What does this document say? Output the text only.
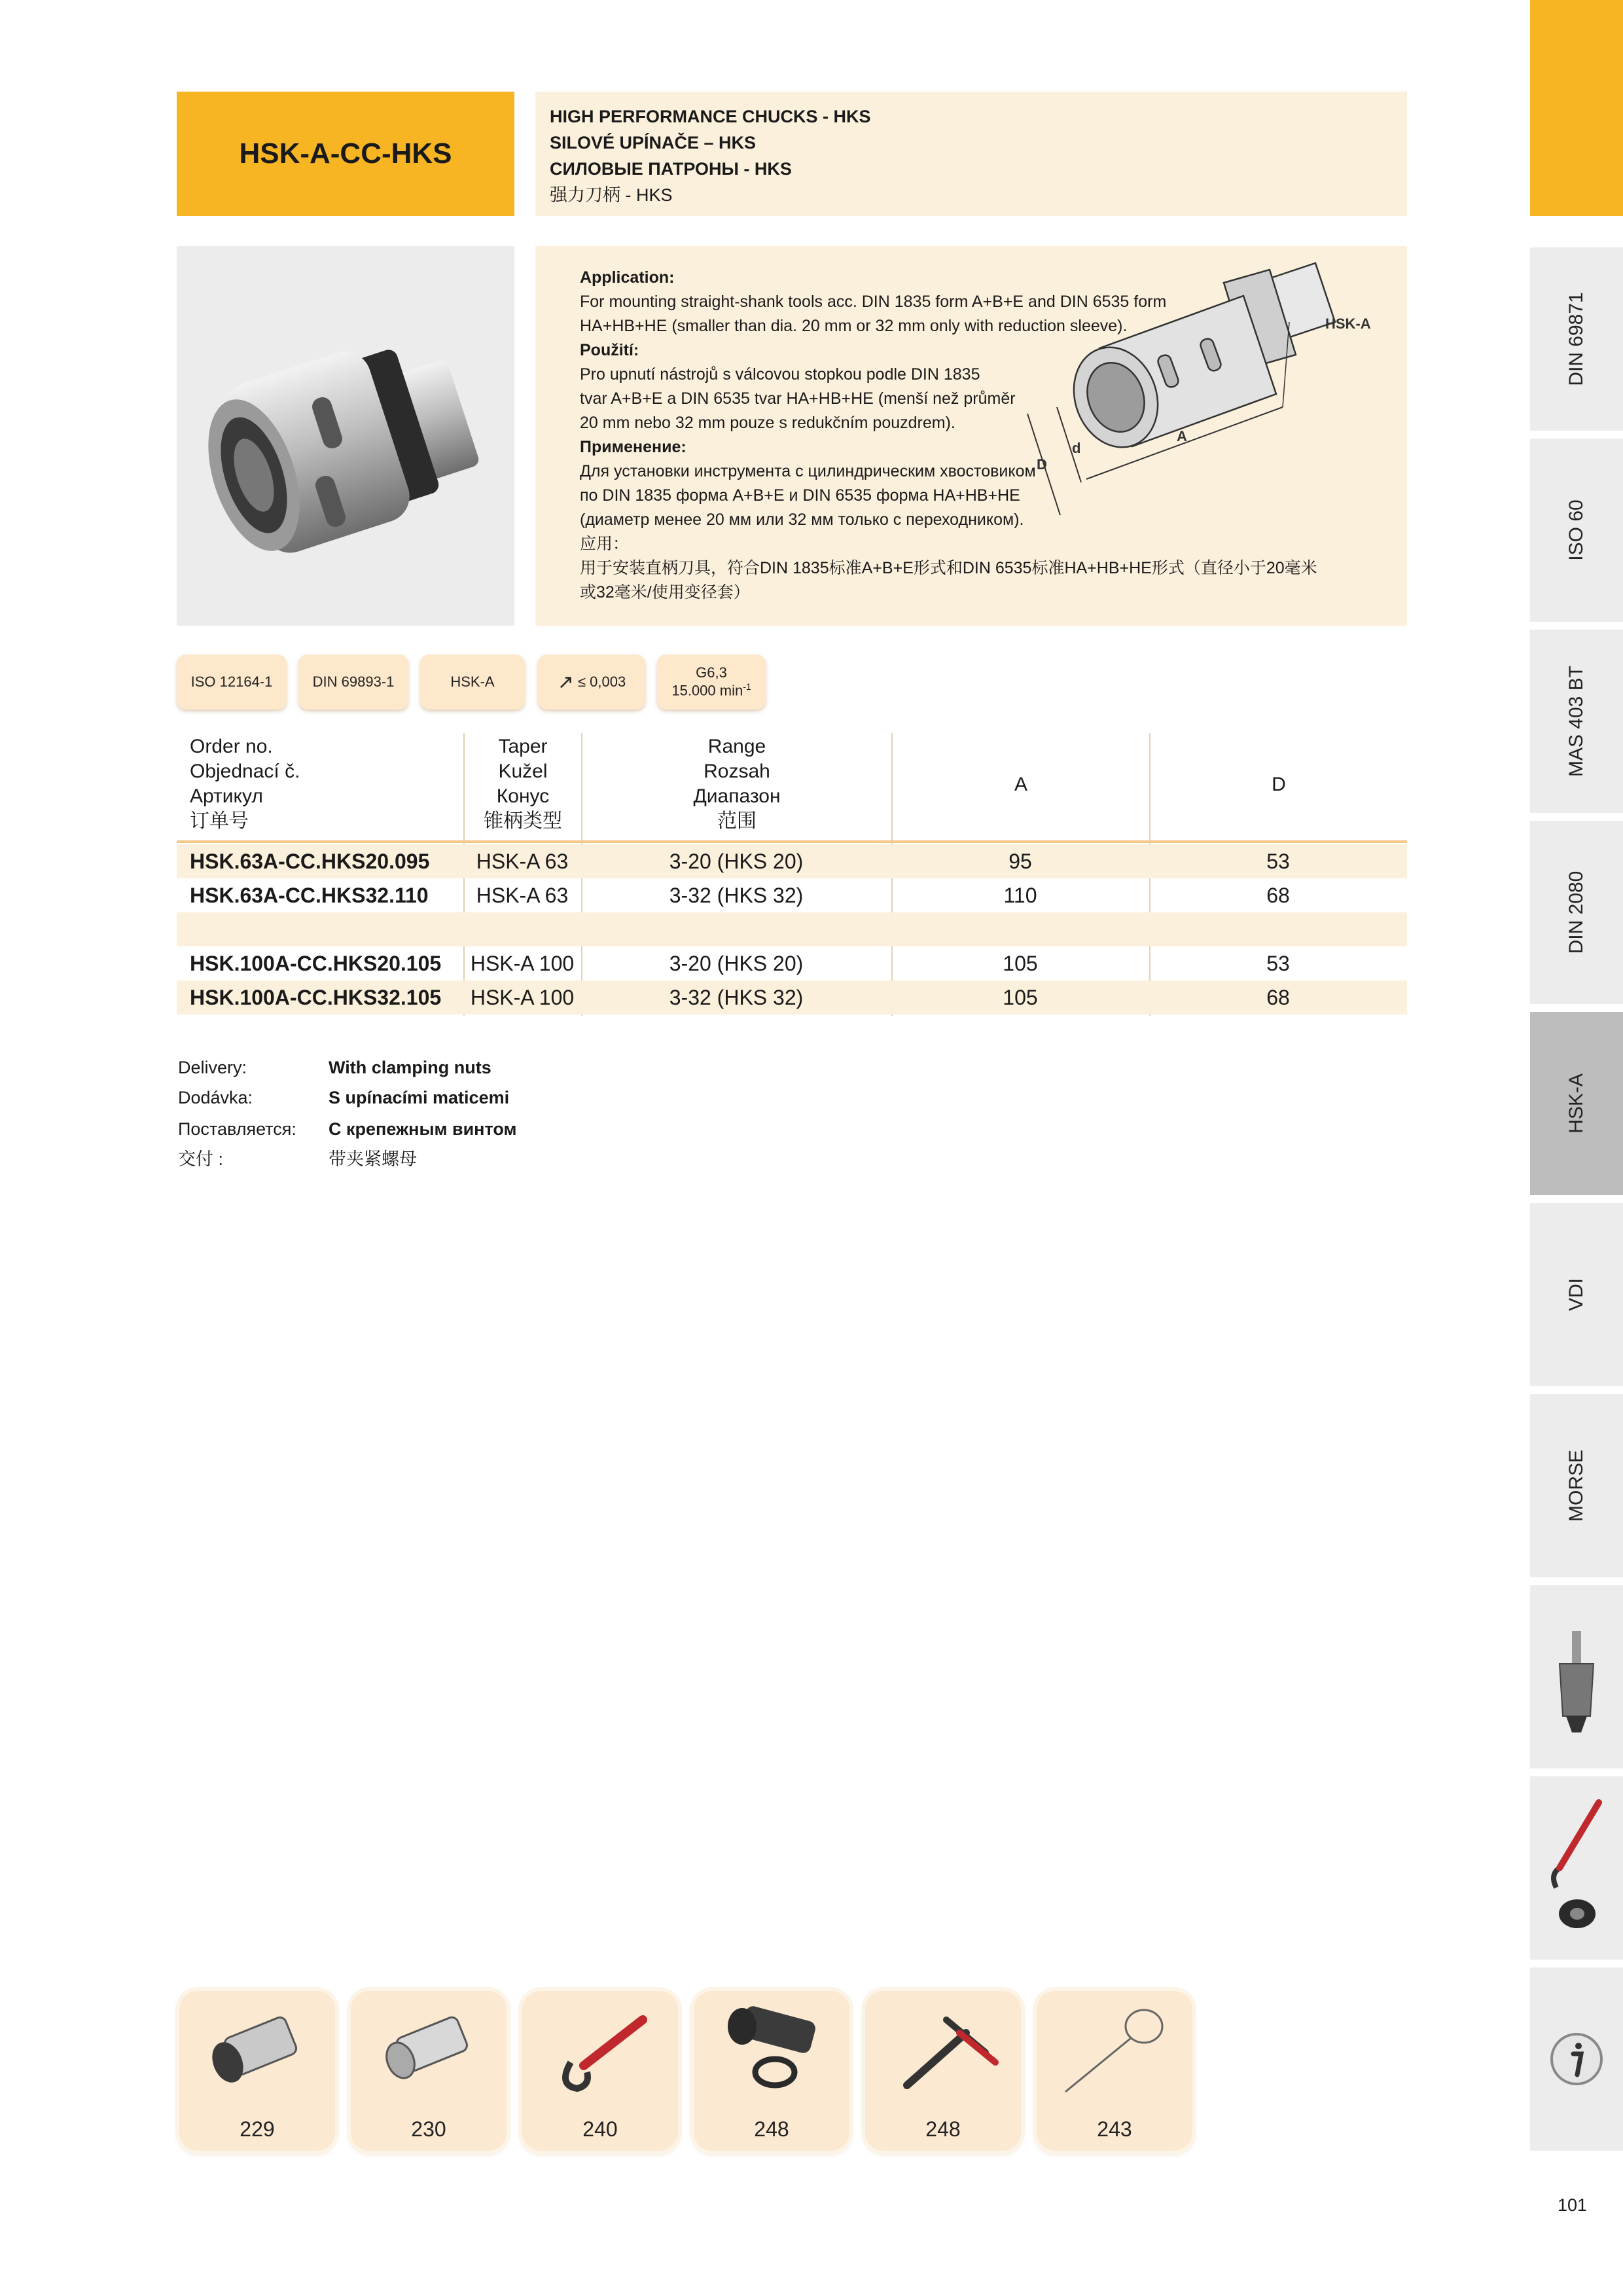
HSK-A-CC-HKS
HIGH PERFORMANCE CHUCKS - HKS
SILOVÉ UPÍNAČE – HKS
СИЛОВЫЕ ПАТРОНЫ - HKS
强力刀柄 - HKS
Application:
For mounting straight-shank tools acc. DIN 1835 form A+B+E and DIN 6535 form
HA+HB+HE (smaller than dia. 20 mm or 32 mm only with reduction sleeve).
Použití:
Pro upnutí nástrojů s válcovou stopkou podle DIN 1835
tvar A+B+E a DIN 6535 tvar HA+HB+HE (menší než průměr
20 mm nebo 32 mm pouze s redukčním pouzdrem).
Применение:
Для установки инструмента с цилиндрическим хвостовиком
по DIN 1835 форма А+В+Е и DIN 6535 форма НА+НВ+НЕ
(диаметр менее 20 мм или 32 мм только с переходником).
应用：
用于安装直柄刀具，符合DIN 1835标准A+B+E形式和DIN 6535标准HA+HB+HE形式（直径小于20毫米
或32毫米/使用变径套）
HSK-A
A
D
d
ISO 12164-1	DIN 69893-1	HSK-A	↗ ≤ 0,003
G6,3
15.000 $\min^{-1}$
Order no.
Objednací č.
Артикул
订单号
Taper
Kužel
Конус
锥柄类型
Range
Rozsah
Диапазон
范围
A	D
HSK.63A-CC.HKS20.095	HSK-A 63	3-20 (HKS 20)	95	53
HSK.63A-CC.HKS32.110	HSK-A 63	3-32 (HKS 32)	110	68
HSK.100A-CC.HKS20.105	HSK-A 100	3-20 (HKS 20)	105	53
HSK.100A-CC.HKS32.105	HSK-A 100	3-32 (HKS 32)	105	68
Delivery:	With clamping nuts
Dodávka:	S upínacími maticemi
Поставляется: С крепежным винтом
交付 :	带夹紧螺母
229	230	240	248	248	243
DIN 69871
ISO 60
MAS 403 BT
DIN 2080
HSK-A
VDI
MORSE
101
